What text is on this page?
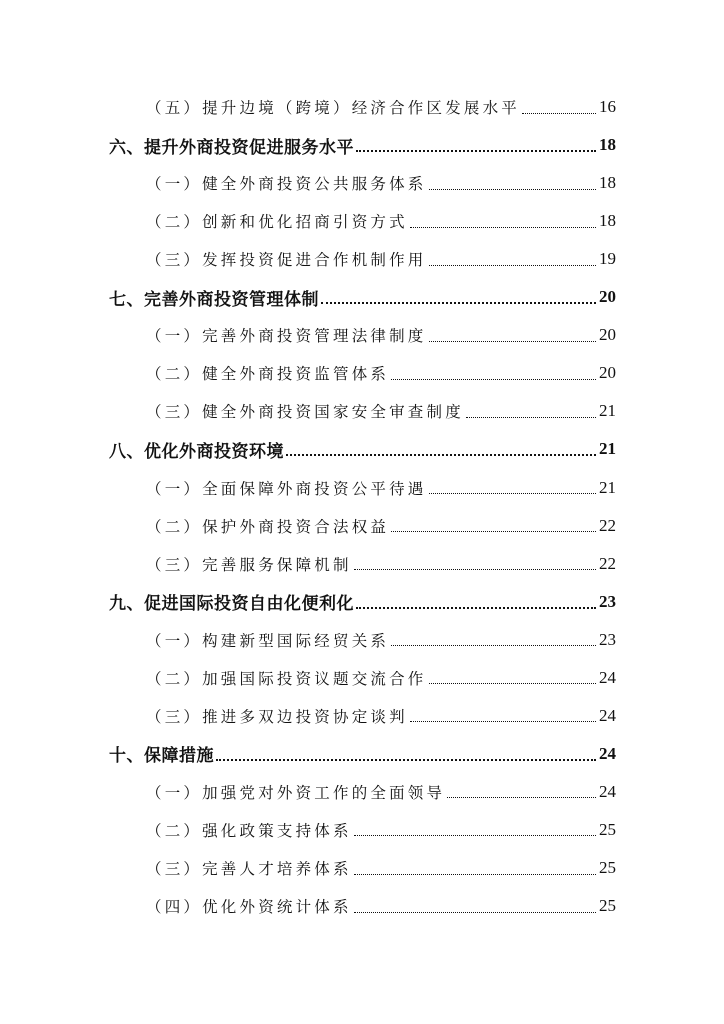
（五）提升边境（跨境）经济合作区发展水平	16
六、提升外商投资促进服务水平	18
（一）健全外商投资公共服务体系	18
（二）创新和优化招商引资方式	18
（三）发挥投资促进合作机制作用	19
七、完善外商投资管理体制	20
（一）完善外商投资管理法律制度	20
（二）健全外商投资监管体系	20
（三）健全外商投资国家安全审查制度	21
八、优化外商投资环境	21
（一）全面保障外商投资公平待遇	21
（二）保护外商投资合法权益	22
（三）完善服务保障机制	22
九、促进国际投资自由化便利化	23
（一）构建新型国际经贸关系	23
（二）加强国际投资议题交流合作	24
（三）推进多双边投资协定谈判	24
十、保障措施	24
（一）加强党对外资工作的全面领导	24
（二）强化政策支持体系	25
（三）完善人才培养体系	25
（四）优化外资统计体系	25
